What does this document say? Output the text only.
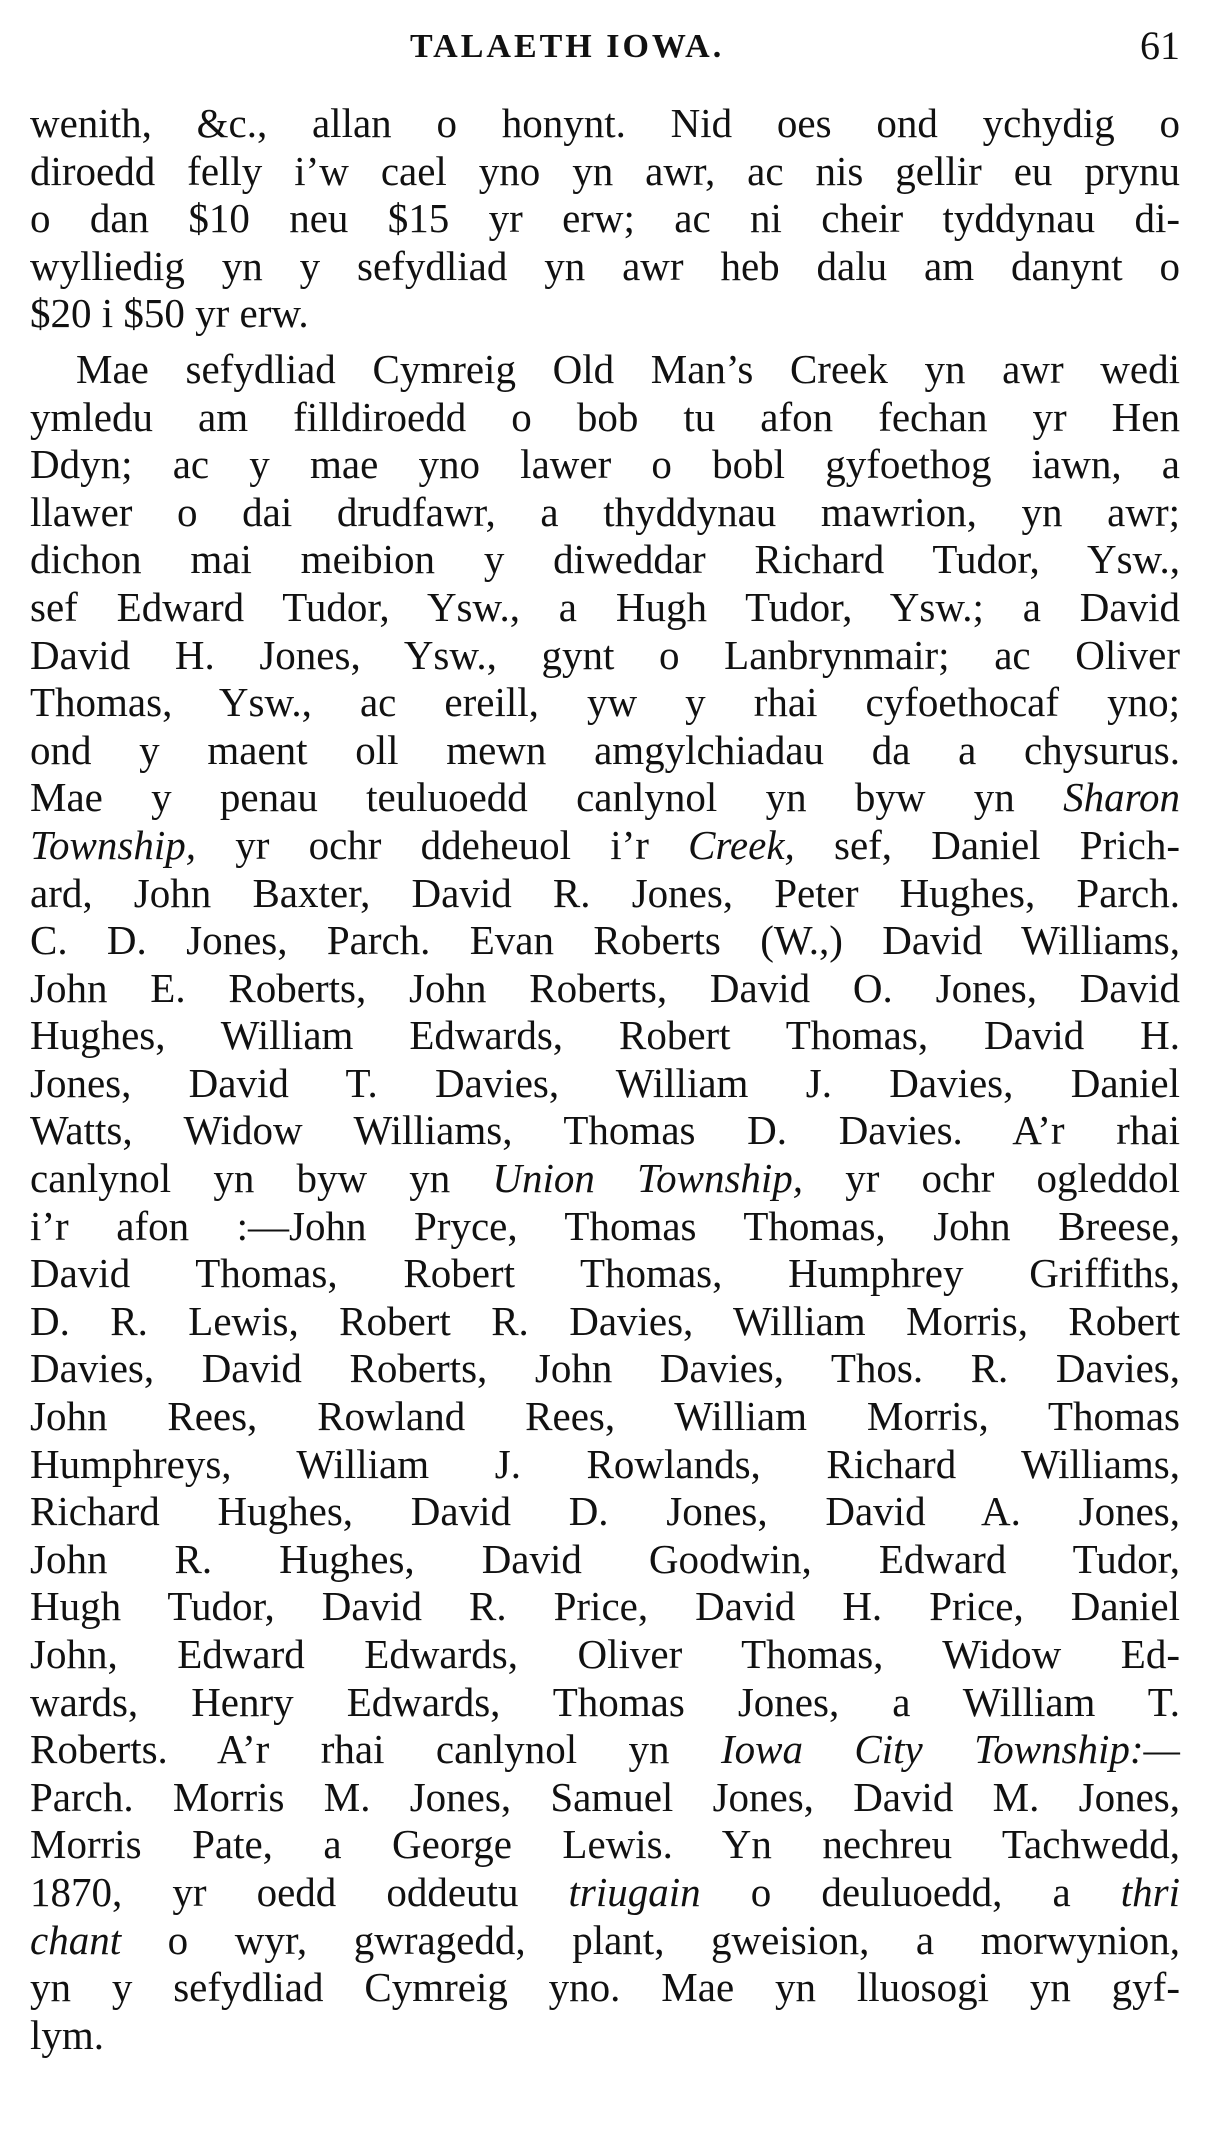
TALAETH IOWA.	61
wenith, &c., allan o honynt. Nid oes ond ychydig o
diroedd felly i’w cael yno yn awr, ac nis gellir eu prynu
o dan $10 neu $15 yr erw; ac ni cheir tyddynau di-
wylliedig yn y sefydliad yn awr heb dalu am danynt o
$20 i $50 yr erw.
Mae sefydliad Cymreig Old Man’s Creek yn awr wedi
ymledu am filldiroedd o bob tu afon fechan yr Hen
Ddyn; ac y mae yno lawer o bobl gyfoethog iawn, a
llawer o dai drudfawr, a thyddynau mawrion, yn awr;
dichon mai meibion y diweddar Richard Tudor, Ysw.,
sef Edward Tudor, Ysw., a Hugh Tudor, Ysw.; a David
David H. Jones, Ysw., gynt o Lanbrynmair; ac Oliver
Thomas, Ysw., ac ereill, yw y rhai cyfoethocaf yno;
ond y maent oll mewn amgylchiadau da a chysurus.
Mae y penau teuluoedd canlynol yn byw yn Sharon
Township, yr ochr ddeheuol i’r Creek, sef, Daniel Prich-
ard, John Baxter, David R. Jones, Peter Hughes, Parch.
C. D. Jones, Parch. Evan Roberts (W.,) David Williams,
John E. Roberts, John Roberts, David O. Jones, David
Hughes, William Edwards, Robert Thomas, David H.
Jones, David T. Davies, William J. Davies, Daniel
Watts, Widow Williams, Thomas D. Davies. A’r rhai
canlynol yn byw yn Union Township, yr ochr ogleddol
i’r afon :—John Pryce, Thomas Thomas, John Breese,
David Thomas, Robert Thomas, Humphrey Griffiths,
D. R. Lewis, Robert R. Davies, William Morris, Robert
Davies, David Roberts, John Davies, Thos. R. Davies,
John Rees, Rowland Rees, William Morris, Thomas
Humphreys, William J. Rowlands, Richard Williams,
Richard Hughes, David D. Jones, David A. Jones,
John R. Hughes, David Goodwin, Edward Tudor,
Hugh Tudor, David R. Price, David H. Price, Daniel
John, Edward Edwards, Oliver Thomas, Widow Ed-
wards, Henry Edwards, Thomas Jones, a William T.
Roberts. A’r rhai canlynol yn Iowa City Township:—
Parch. Morris M. Jones, Samuel Jones, David M. Jones,
Morris Pate, a George Lewis. Yn nechreu Tachwedd,
1870, yr oedd oddeutu triugain o deuluoedd, a thri
chant o wyr, gwragedd, plant, gweision, a morwynion,
yn y sefydliad Cymreig yno. Mae yn lluosogi yn gyf-
lym.
